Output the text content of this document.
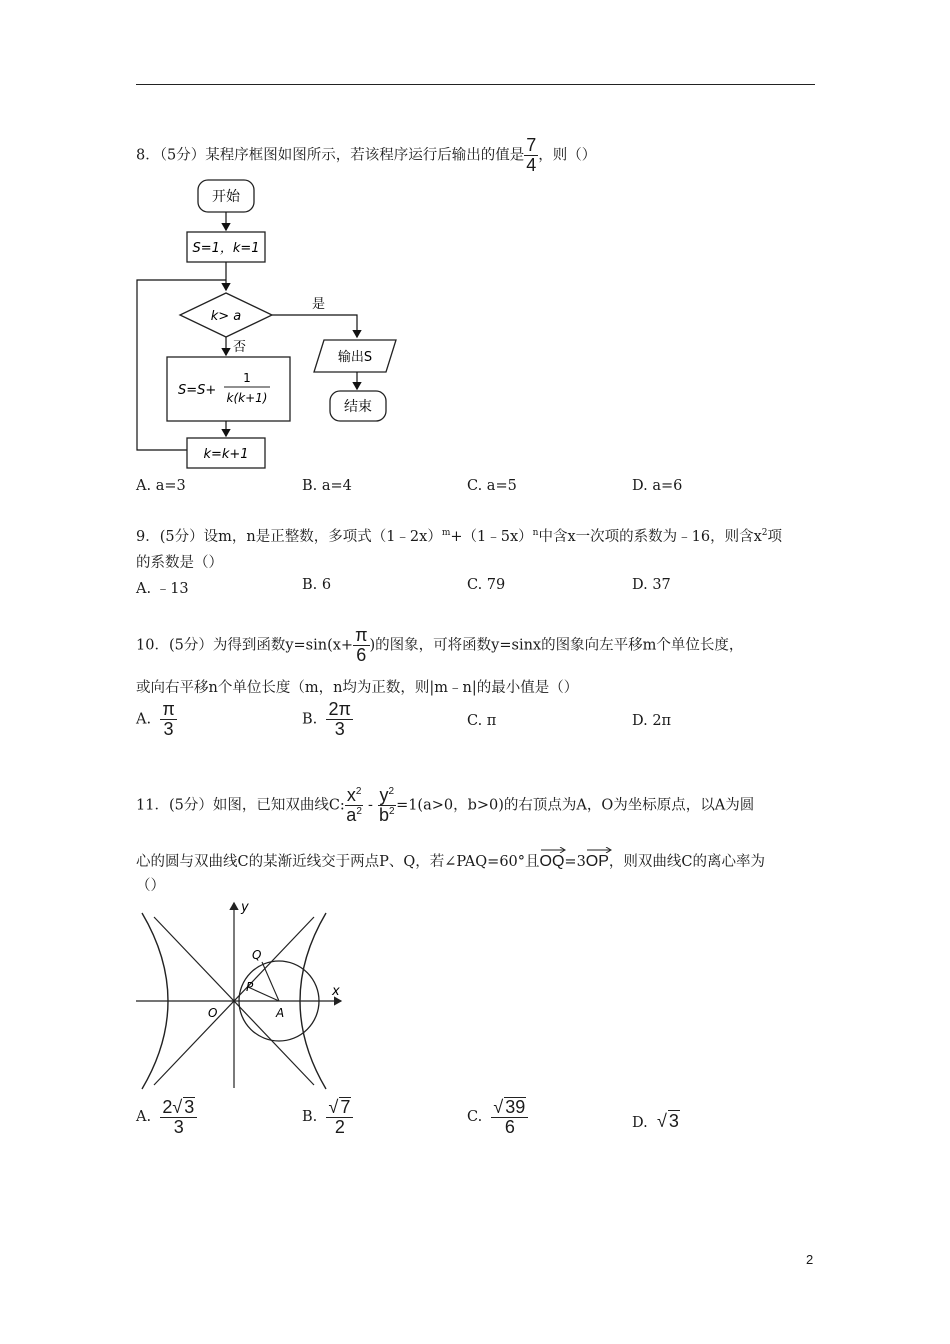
8．（5分）某程序框图如图所示，若该程序运行后输出的值是 $\frac{7}{4}$ ，则（）
开始
S=1，k=1
k> a
是
否
S=S+
1
k(k+1)
k=k+1
输出S
结束
A. a=3	B. a=4	C. a=5	D. a=6
9．(5分）设m，n是正整数，多项式（1﹣2x）$^m$+（1﹣5x）$^n$中含x一次项的系数为﹣16，则含$x^2$项
的系数是（）
A. ﹣13	B. 6	C. 79	D. 37
10．(5分）为得到函数$y=\sin(x+ \frac{\pi}{6}$ )的图象，可将函数y=sinx的图象向左平移m个单位长度，
或向右平移n个单位长度（m，n均为正数，则|m﹣n|的最小值是（）
A. $\frac{\pi}{3}$	B. $\frac{2\pi}{3}$	C. π	D. 2π
11．(5分）如图，已知双曲线C: $\frac{x^2}{a^2} - \frac{y^2}{b^2} =1(a>0$，b>0)的右顶点为A，O为坐标原点，以A为圆
心的圆与双曲线C的某渐近线交于两点P、Q，若∠PAQ=60°且
OQ=3
OP，则双曲线C的离心率为
（）
y
x
Q
P
O	A
A. $\frac{2√ 3}{3}$	B. $\frac{√ 7}{2}$	C. $\frac{√ 39}{6}$	D. √ 3
2
